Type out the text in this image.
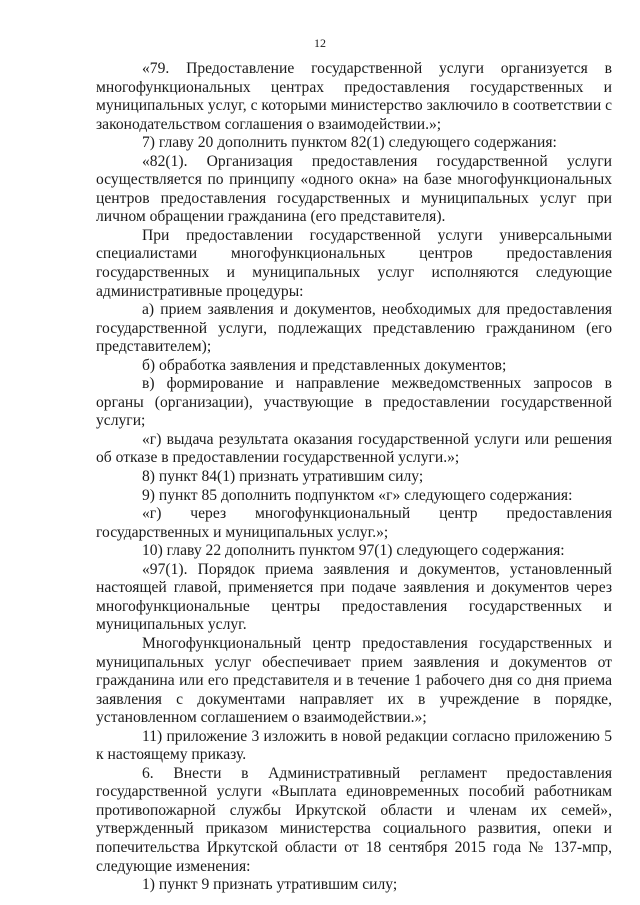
12

«79. Предоставление государственной услуги организуется в многофункциональных центрах предоставления государственных и муниципальных услуг, с которыми министерство заключило в соответствии с законодательством соглашения о взаимодействии.»;

7) главу 20 дополнить пунктом 82(1) следующего содержания:

«82(1). Организация предоставления государственной услуги осуществляется по принципу «одного окна» на базе многофункциональных центров предоставления государственных и муниципальных услуг при личном обращении гражданина (его представителя).

При предоставлении государственной услуги универсальными специалистами многофункциональных центров предоставления государственных и муниципальных услуг исполняются следующие административные процедуры:

а) прием заявления и документов, необходимых для предоставления государственной услуги, подлежащих представлению гражданином (его представителем);

б) обработка заявления и представленных документов;

в) формирование и направление межведомственных запросов в органы (организации), участвующие в предоставлении государственной услуги;

«г) выдача результата оказания государственной услуги или решения об отказе в предоставлении государственной услуги.»;

8) пункт 84(1) признать утратившим силу;

9) пункт 85 дополнить подпунктом «г» следующего содержания:

«г) через многофункциональный центр предоставления государственных и муниципальных услуг.»;

10) главу 22 дополнить пунктом 97(1) следующего содержания:

«97(1). Порядок приема заявления и документов, установленный настоящей главой, применяется при подаче заявления и документов через многофункциональные центры предоставления государственных и муниципальных услуг.

Многофункциональный центр предоставления государственных и муниципальных услуг обеспечивает прием заявления и документов от гражданина или его представителя и в течение 1 рабочего дня со дня приема заявления с документами направляет их в учреждение в порядке, установленном соглашением о взаимодействии.»;

11) приложение 3 изложить в новой редакции согласно приложению 5 к настоящему приказу.

6. Внести в Административный регламент предоставления государственной услуги «Выплата единовременных пособий работникам противопожарной службы Иркутской области и членам их семей», утвержденный приказом министерства социального развития, опеки и попечительства Иркутской области от 18 сентября 2015 года № 137-мпр, следующие изменения:

1) пункт 9 признать утратившим силу;
